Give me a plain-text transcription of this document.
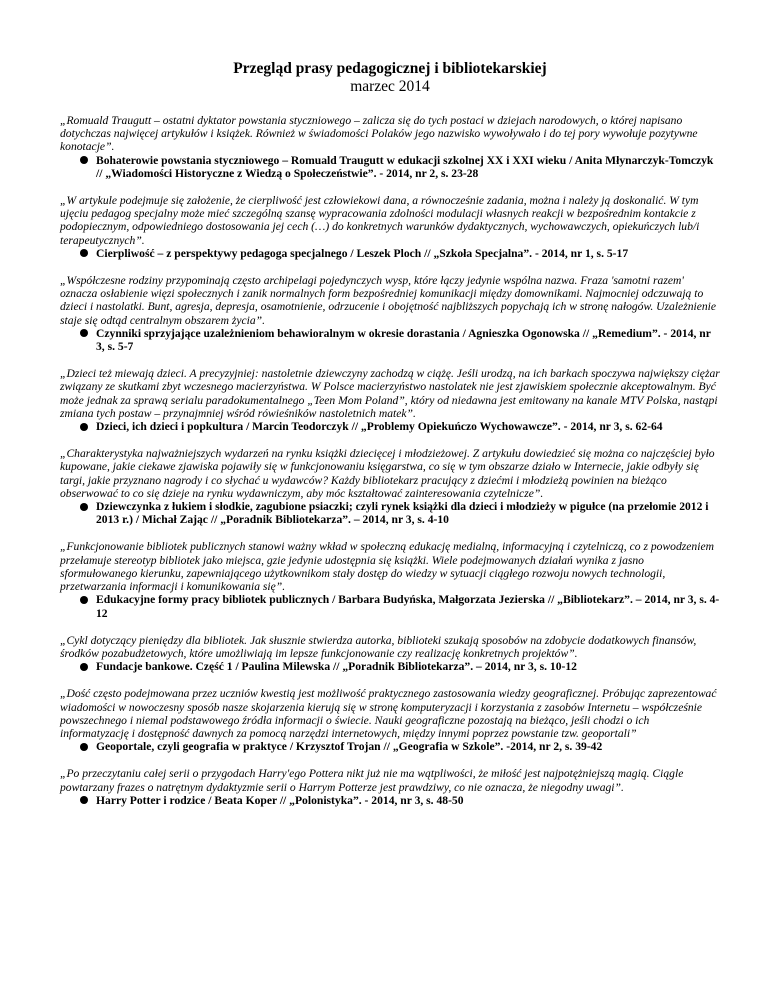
Przegląd prasy pedagogicznej i bibliotekarskiej

marzec 2014

„Romuald Traugutt – ostatni dyktator powstania styczniowego – zalicza się do tych postaci w dziejach narodowych, o której napisano dotychczas najwięcej artykułów i książek. Również w świadomości Polaków jego nazwisko wywoływało i do tej pory wywołuje pozytywne konotacje”.

Bohaterowie powstania styczniowego – Romuald Traugutt w edukacji szkolnej XX i XXI wieku / Anita Młynarczyk-Tomczyk // „Wiadomości Historyczne z Wiedzą o Społeczeństwie”. - 2014, nr 2, s. 23-28

„W artykule podejmuje się założenie, że cierpliwość jest człowiekowi dana, a równocześnie zadania, można i należy ją doskonalić. W tym ujęciu pedagog specjalny może mieć szczególną szansę wypracowania zdolności modulacji własnych reakcji w bezpośrednim kontakcie z podopiecznym, odpowiedniego dostosowania jej cech (…) do konkretnych warunków dydaktycznych, wychowawczych, opiekuńczych lub/i terapeutycznych”.

Cierpliwość – z perspektywy pedagoga specjalnego / Leszek Ploch // „Szkoła Specjalna”. - 2014, nr 1, s. 5-17

„Współczesne rodziny przypominają często archipelagi pojedynczych wysp, które łączy jedynie wspólna nazwa. Fraza 'samotni razem' oznacza osłabienie więzi społecznych i zanik normalnych form bezpośredniej komunikacji między domownikami. Najmocniej odczuwają to dzieci i nastolatki. Bunt, agresja, depresja, osamotnienie, odrzucenie i obojętność najbliższych popychają ich w stronę nałogów. Uzależnienie staje się odtąd centralnym obszarem życia”.

Czynniki sprzyjające uzależnieniom behawioralnym w okresie dorastania / Agnieszka Ogonowska // „Remedium”. - 2014, nr 3, s. 5-7

„Dzieci też miewają dzieci. A precyzyjniej: nastoletnie dziewczyny zachodzą w ciążę. Jeśli urodzą, na ich barkach spoczywa największy ciężar związany ze skutkami zbyt wczesnego macierzyństwa. W Polsce macierzyństwo nastolatek nie jest zjawiskiem społecznie akceptowalnym. Być może jednak za sprawą serialu paradokumentalnego „Teen Mom Poland”, który od niedawna jest emitowany na kanale MTV Polska, nastąpi zmiana tych postaw – przynajmniej wśród rówieśników nastoletnich matek”.

Dzieci, ich dzieci i popkultura / Marcin Teodorczyk // „Problemy Opiekuńczo Wychowawcze”. - 2014, nr 3, s. 62-64

„Charakterystyka najważniejszych wydarzeń na rynku książki dziecięcej i młodzieżowej. Z artykułu dowiedzieć się można co najczęściej było kupowane, jakie ciekawe zjawiska pojawiły się w funkcjonowaniu księgarstwa, co się w tym obszarze działo w Internecie, jakie odbyły się targi, jakie przyznano nagrody i co słychać u wydawców? Każdy bibliotekarz pracujący z dziećmi i młodzieżą powinien na bieżąco obserwować to co się dzieje na rynku wydawniczym, aby móc kształtować zainteresowania czytelnicze”.

Dziewczynka z łukiem i słodkie, zagubione psiaczki; czyli rynek książki dla dzieci i młodzieży w pigułce (na przełomie 2012 i 2013 r.) / Michał Zając // „Poradnik Bibliotekarza”. – 2014, nr 3, s. 4-10

„Funkcjonowanie bibliotek publicznych stanowi ważny wkład w społeczną edukację medialną, informacyjną i czytelniczą, co z powodzeniem przełamuje stereotyp bibliotek jako miejsca, gzie jedynie udostępnia się książki. Wiele podejmowanych działań wynika z jasno sformułowanego kierunku, zapewniającego użytkownikom stały dostęp do wiedzy w sytuacji ciągłego rozwoju nowych technologii, przetwarzania informacji i komunikowania się”.

Edukacyjne formy pracy bibliotek publicznych / Barbara Budyńska, Małgorzata Jezierska // „Bibliotekarz”. – 2014, nr 3, s. 4-12

„Cykl dotyczący pieniędzy dla bibliotek. Jak słusznie stwierdza autorka, biblioteki szukają sposobów na zdobycie dodatkowych finansów, środków pozabudżetowych, które umożliwiają im lepsze funkcjonowanie czy realizację konkretnych projektów”.

Fundacje bankowe. Część 1 / Paulina Milewska // „Poradnik Bibliotekarza”. – 2014, nr 3, s. 10-12

„Dość często podejmowana przez uczniów kwestią jest możliwość praktycznego zastosowania wiedzy geograficznej. Próbując zaprezentować wiadomości w nowoczesny sposób nasze skojarzenia kierują się w stronę komputeryzacji i korzystania z zasobów Internetu – współcześnie powszechnego i niemal podstawowego źródła informacji o świecie. Nauki geograficzne pozostają na bieżąco, jeśli chodzi o ich informatyzację i dostępność dawnych za pomocą narzędzi internetowych, między innymi poprzez powstanie tzw. geoportali”

Geoportale, czyli geografia w praktyce / Krzysztof Trojan // „Geografia w Szkole”. -2014, nr 2, s. 39-42

„Po przeczytaniu całej serii o przygodach Harry'ego Pottera nikt już nie ma wątpliwości, że miłość jest najpotężniejszą magią. Ciągle powtarzany frazes o natrętnym dydaktyzmie serii o Harrym Potterze jest prawdziwy, co nie oznacza, że niegodny uwagi”.

Harry Potter i rodzice / Beata Koper // „Polonistyka”. - 2014, nr 3, s. 48-50
